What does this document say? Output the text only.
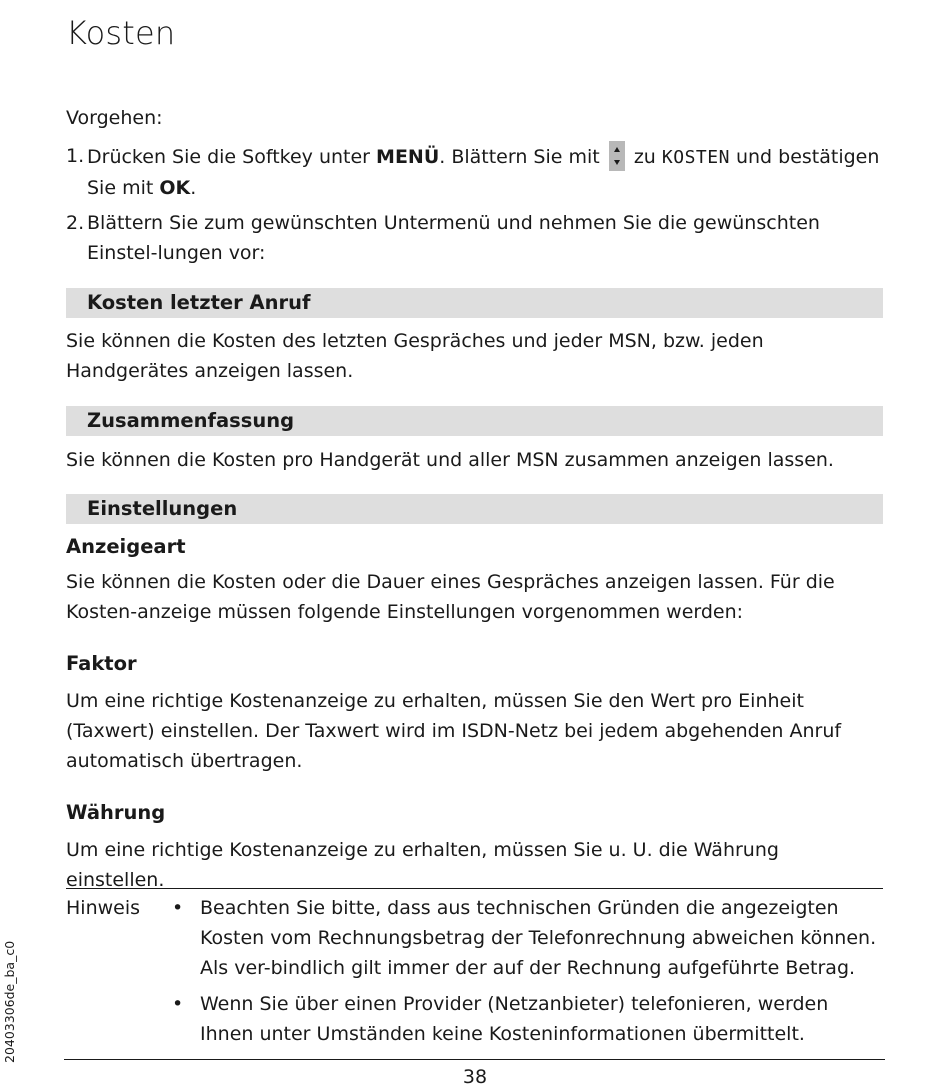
Kosten
Vorgehen:
1. Drücken Sie die Softkey unter MENÜ. Blättern Sie mit
zu KOSTEN und bestätigen Sie mit OK.
2. Blättern Sie zum gewünschten Untermenü und nehmen Sie die gewünschten Einstel-lungen vor:
Kosten letzter Anruf
Sie können die Kosten des letzten Gespräches und jeder MSN, bzw. jeden Handgerätes anzeigen lassen.
Zusammenfassung
Sie können die Kosten pro Handgerät und aller MSN zusammen anzeigen lassen.
Einstellungen
Anzeigeart
Sie können die Kosten oder die Dauer eines Gespräches anzeigen lassen. Für die Kosten-anzeige müssen folgende Einstellungen vorgenommen werden:
Faktor
Um eine richtige Kostenanzeige zu erhalten, müssen Sie den Wert pro Einheit (Taxwert) einstellen. Der Taxwert wird im ISDN-Netz bei jedem abgehenden Anruf automatisch übertragen.
Währung
Um eine richtige Kostenanzeige zu erhalten, müssen Sie u. U. die Währung einstellen.
Hinweis • Beachten Sie bitte, dass aus technischen Gründen die angezeigten Kosten vom Rechnungsbetrag der Telefonrechnung abweichen können. Als ver-bindlich gilt immer der auf der Rechnung aufgeführte Betrag.
• Wenn Sie über einen Provider (Netzanbieter) telefonieren, werden Ihnen unter Umständen keine Kosteninformationen übermittelt.
38
20403306de_ba_c0
